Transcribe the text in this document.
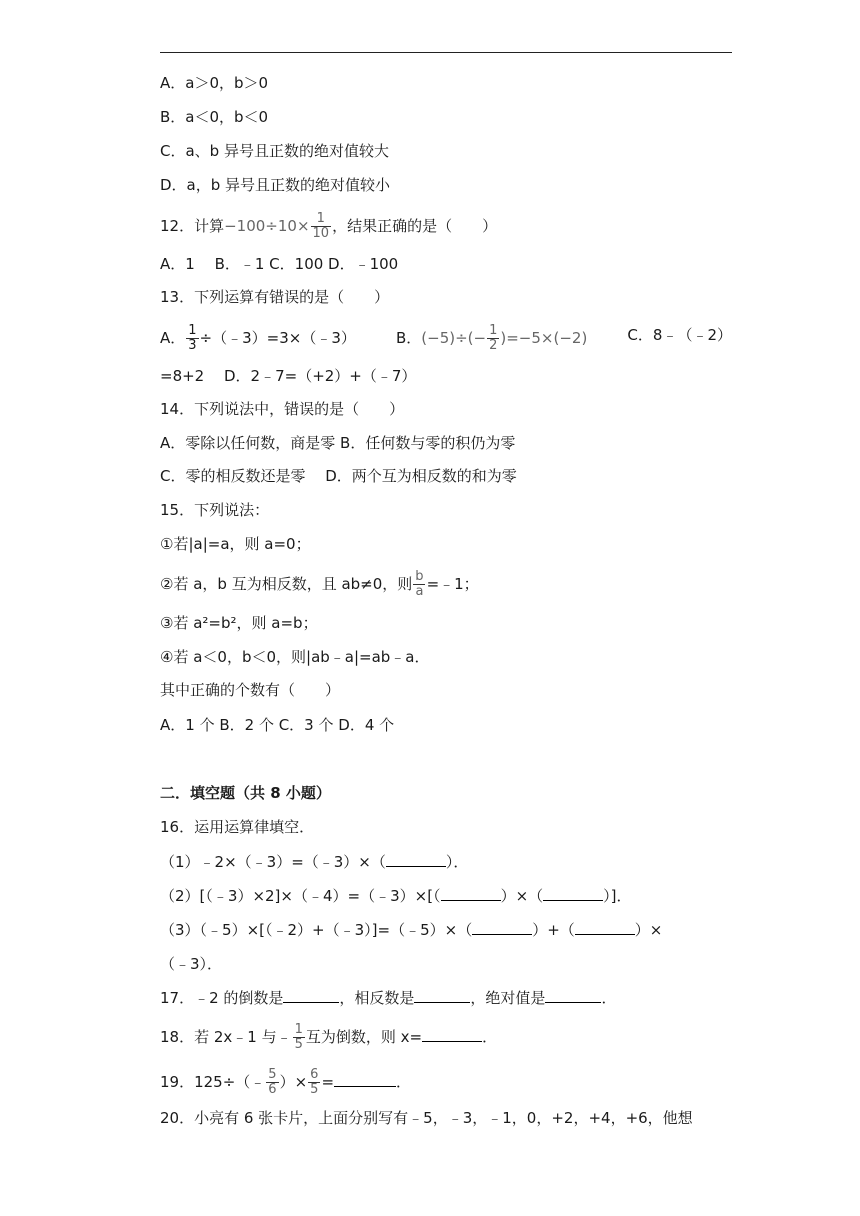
A．a＞0，b＞0
B．a＜0，b＜0
C．a、b 异号且正数的绝对值较大
D．a，b 异号且正数的绝对值较小
12．计算$-100\div 10\times \frac{1}{10}$ ，结果正确的是（　　）
A．1　 B．﹣1 C．100 D．﹣100
13．下列运算有错误的是（　　）
A． $\frac{1}{3}$ ÷（﹣3）=3×（﹣3）	B．$(-5)\div(- \frac{1}{2} )=-5\times(-2)$	C．8﹣（﹣2）
=8+2　 D．2﹣7=（+2）+（﹣7）
14．下列说法中，错误的是（　　）
A．零除以任何数，商是零 B．任何数与零的积仍为零
C．零的相反数还是零　 D．两个互为相反数的和为零
15．下列说法：
①若|a|=a，则 a=0；
②若 a，b 互为相反数，且 ab≠0，则 $\frac{b}{a}$ =﹣1；
③若 a²=b²，则 a=b；
④若 a＜0，b＜0，则|ab﹣a|=ab﹣a．
其中正确的个数有（　　）
A．1 个 B．2 个 C．3 个 D．4 个
二．填空题（共 8 小题）
16．运用运算律填空．
（1）﹣2×（﹣3）=（﹣3）×（	）．
（2）[（﹣3）×2]×（﹣4）=（﹣3）×[（	）×（	）]．
（3）（﹣5）×[（﹣2）+（﹣3）]=（﹣5）×（	）+（	）×
（﹣3）．
17．﹣2 的倒数是	，相反数是	，绝对值是	．
18．若 2x﹣1 与﹣ $\frac{1}{5}$ 互为倒数，则 x=	．
19．125÷（﹣ $\frac{5}{6}$ ）× $\frac{6}{5}$ =	．
20．小亮有 6 张卡片，上面分别写有﹣5，﹣3，﹣1，0，+2，+4，+6，他想
